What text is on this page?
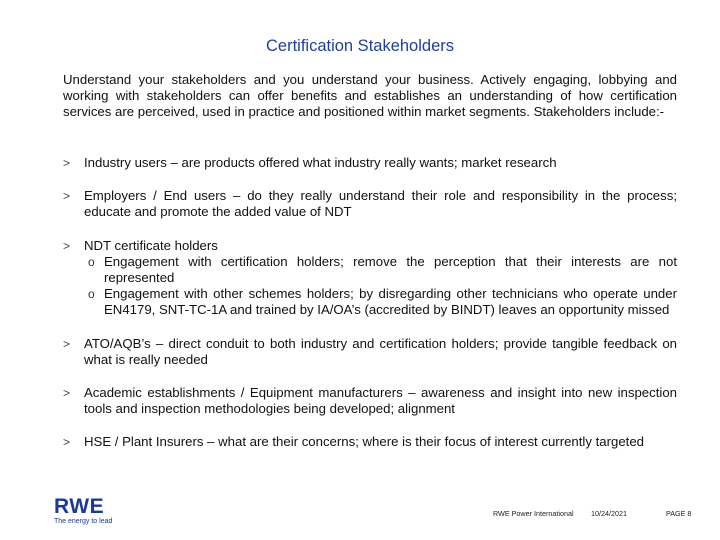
Certification Stakeholders
Understand your stakeholders and you understand your business. Actively engaging, lobbying and working with stakeholders can offer benefits and establishes an understanding of how certification services are perceived, used in practice and positioned within market segments. Stakeholders include:-
> Industry users – are products offered what industry really wants; market research
> Employers / End users – do they really understand their role and responsibility in the process; educate and promote the added value of NDT
> NDT certificate holders
o Engagement with certification holders; remove the perception that their interests are not represented
o Engagement with other schemes holders; by disregarding other technicians who operate under EN4179, SNT-TC-1A and trained by IA/OA’s (accredited by BINDT) leaves an opportunity missed
> ATO/AQB’s – direct conduit to both industry and certification holders; provide tangible feedback on what is really needed
> Academic establishments / Equipment manufacturers – awareness and insight into new inspection tools and inspection methodologies being developed; alignment
> HSE / Plant Insurers – what are their concerns; where is their focus of interest currently targeted
RWE
The energy to lead
RWE Power International 10/24/2021	PAGE 8
